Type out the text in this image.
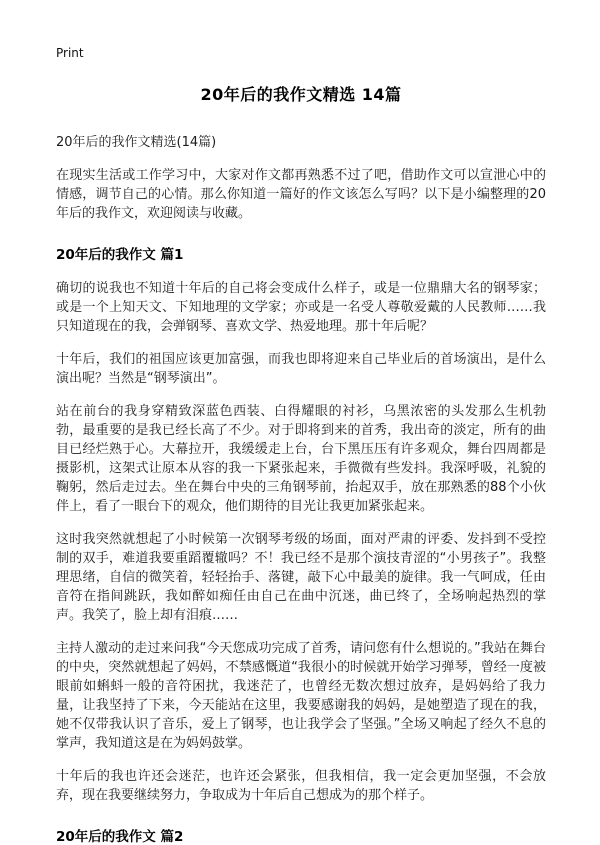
Print
20年后的我作文精选 14篇
20年后的我作文精选(14篇)

在现实生活或工作学习中，大家对作文都再熟悉不过了吧，借助作文可以宣泄心中的情感，调节自己的心情。那么你知道一篇好的作文该怎么写吗？以下是小编整理的20年后的我作文，欢迎阅读与收藏。

20年后的我作文 篇1

确切的说我也不知道十年后的自己将会变成什么样子，或是一位鼎鼎大名的钢琴家；或是一个上知天文、下知地理的文学家；亦或是一名受人尊敬爱戴的人民教师……我只知道现在的我，会弹钢琴、喜欢文学、热爱地理。那十年后呢？

十年后，我们的祖国应该更加富强，而我也即将迎来自己毕业后的首场演出，是什么演出呢？当然是“钢琴演出”。

站在前台的我身穿精致深蓝色西装、白得耀眼的衬衫，乌黑浓密的头发那么生机勃勃，最重要的是我已经长高了不少。对于即将到来的首秀，我出奇的淡定，所有的曲目已经烂熟于心。大幕拉开，我缓缓走上台，台下黑压压有许多观众，舞台四周都是摄影机，这架式让原本从容的我一下紧张起来，手微微有些发抖。我深呼吸，礼貌的鞠躬，然后走过去。坐在舞台中央的三角钢琴前，抬起双手，放在那熟悉的88个小伙伴上，看了一眼台下的观众，他们期待的目光让我更加紧张起来。

这时我突然就想起了小时候第一次钢琴考级的场面，面对严肃的评委、发抖到不受控制的双手，难道我要重蹈覆辙吗？不！我已经不是那个演技青涩的“小男孩子”。我整理思绪，自信的微笑着，轻轻抬手、落键，敲下心中最美的旋律。我一气呵成，任由音符在指间跳跃，我如醉如痴任由自己在曲中沉迷，曲已终了，全场响起热烈的掌声。我笑了，脸上却有泪痕……

主持人激动的走过来问我“今天您成功完成了首秀，请问您有什么想说的。”我站在舞台的中央，突然就想起了妈妈，不禁感慨道“我很小的时候就开始学习弹琴，曾经一度被眼前如蝌蚪一般的音符困扰，我迷茫了，也曾经无数次想过放弃，是妈妈给了我力量，让我坚持了下来，今天能站在这里，我要感谢我的妈妈，是她塑造了现在的我，她不仅带我认识了音乐，爱上了钢琴，也让我学会了坚强。”全场又响起了经久不息的掌声，我知道这是在为妈妈鼓掌。

十年后的我也许还会迷茫，也许还会紧张，但我相信，我一定会更加坚强，不会放弃，现在我要继续努力，争取成为十年后自己想成为的那个样子。

20年后的我作文 篇2
